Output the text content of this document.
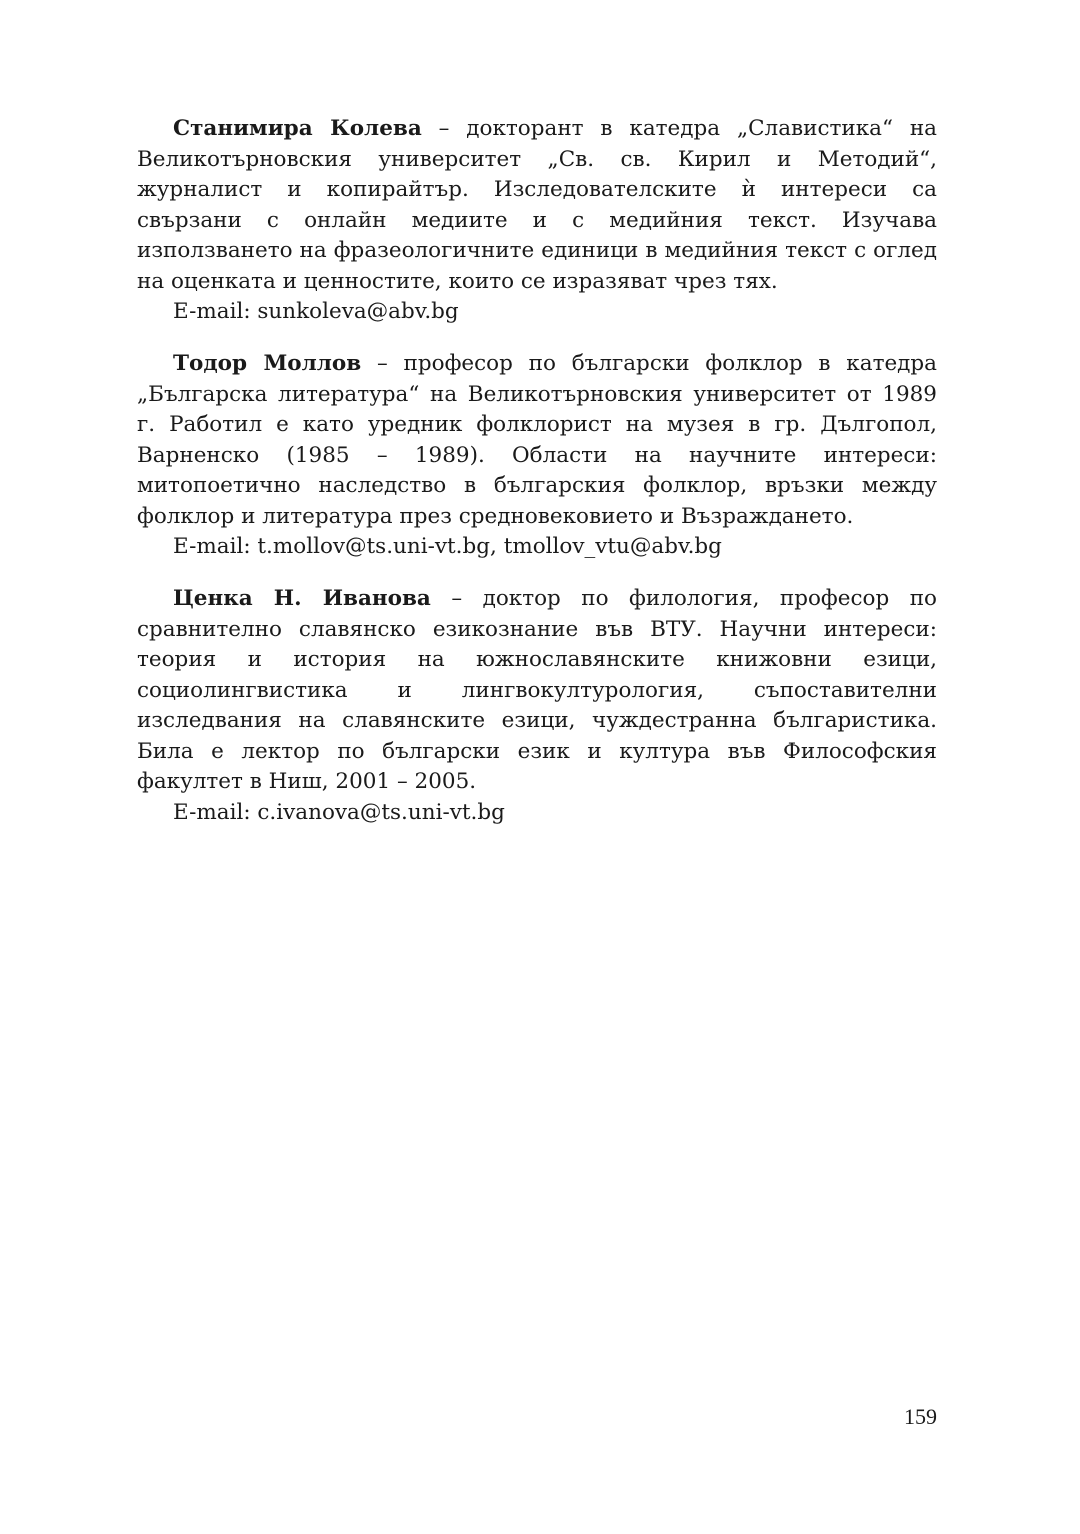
Станимира Колева – докторант в катедра „Славистика“ на Великотърновския университет „Св. св. Кирил и Методий“, журналист и копирайтър. Изследователските ѝ интереси са свързани с онлайн медиите и с медийния текст. Изучава използването на фразеологичните единици в медийния текст с оглед на оценката и ценностите, които се изразяват чрез тях.

E-mail: sunkoleva@abv.bg

Тодор Моллов – професор по български фолклор в катедра „Българска литература“ на Великотърновския университет от 1989 г. Работил е като уредник фолклорист на музея в гр. Дългопол, Варненско (1985 – 1989). Области на научните интереси: митопоетично наследство в българския фолклор, връзки между фолклор и литература през средновековието и Възраждането.

E-mail: t.mollov@ts.uni-vt.bg, tmollov_vtu@abv.bg

Ценка Н. Иванова – доктор по филология, професор по сравнително славянско езикознание във ВТУ. Научни интереси: теория и история на южнославянските книжовни езици, социолингвистика и лингвокултурология, съпоставителни изследвания на славянските езици, чуждестранна българистика. Била е лектор по български език и култура във Философския факултет в Ниш, 2001 – 2005.

E-mail: c.ivanova@ts.uni-vt.bg

159
